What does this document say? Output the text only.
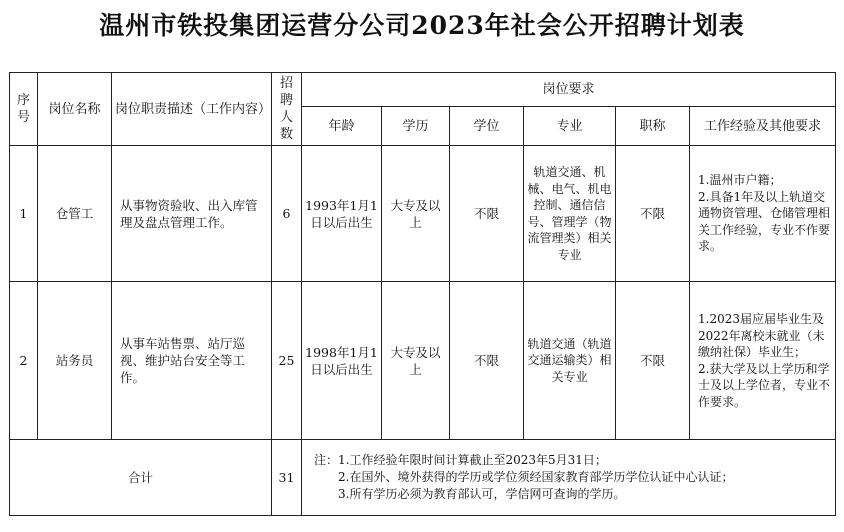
温州市铁投集团运营分公司2023年社会公开招聘计划表
序号	岗位名称	岗位职责描述（工作内容）	招聘人数	岗位要求					
				年龄	学历	学位	专业	职称	工作经验及其他要求
1	仓管工	从事物资验收、出入库管理及盘点管理工作。	6	1993年1月1日以后出生	大专及以上	不限	轨道交通、机械、电气、机电控制、通信信号、管理学（物流管理类）相关专业	不限	1.温州市户籍；
2.具备1年及以上轨道交通物资管理、仓储管理相关工作经验，专业不作要求。

2	站务员	从事车站售票、站厅巡视、维护站台安全等工作。	25	1998年1月1日以后出生	大专及以上	不限	轨道交通（轨道交通运输类）相关专业	不限	1.2023届应届毕业生及2022年离校未就业（未缴纳社保）毕业生；
2.获大学及以上学历和学士及以上学位者，专业不作要求。

合计			31	注：1.工作经验年限时间计算截止至2023年5月31日；
2.在国外、境外获得的学历或学位须经国家教育部学历学位认证中心认证；
3.所有学历必须为教育部认可，学信网可查询的学历。					
